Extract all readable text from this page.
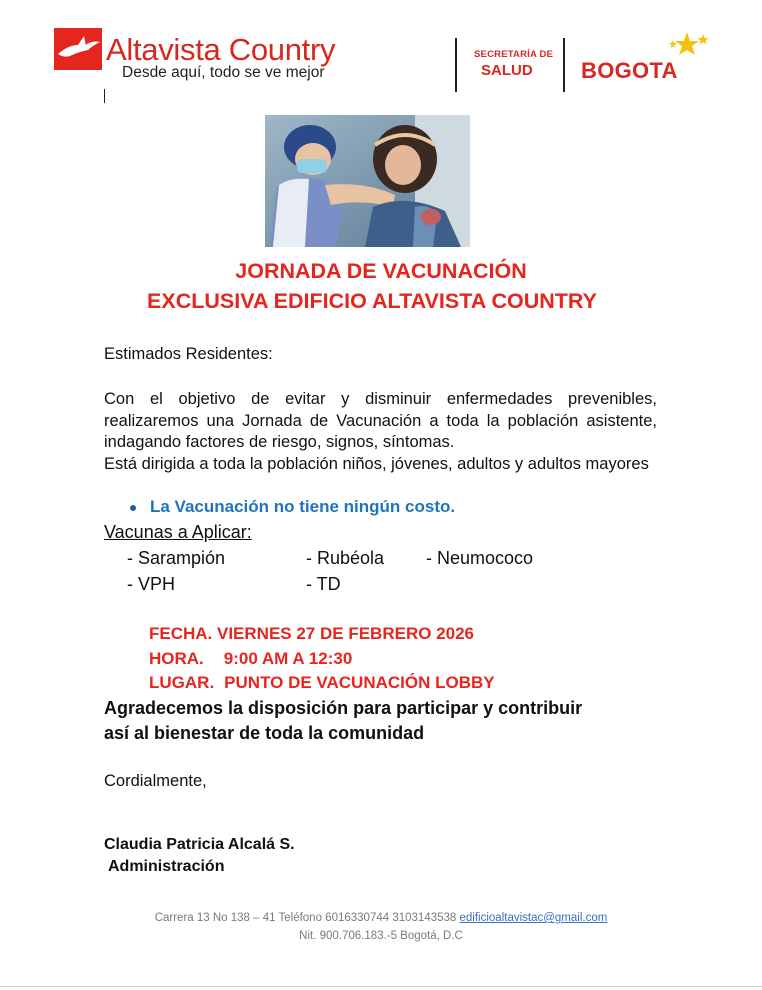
Altavista Country
Desde aquí, todo se ve mejor
SECRETARÍA DE
SALUD BOGOTA
JORNADA DE VACUNACIÓN
EXCLUSIVA EDIFICIO ALTAVISTA COUNTRY
Estimados Residentes:
Con el objetivo de evitar y disminuir enfermedades prevenibles, realizaremos una Jornada de Vacunación a toda la población asistente, indagando factores de riesgo, signos, síntomas.
Está dirigida a toda la población niños, jóvenes, adultos y adultos mayores
La Vacunación no tiene ningún costo.
Vacunas a Aplicar:
- Sarampión	- Rubéola - Neumococo
- VPH	- TD
FECHA. VIERNES 27 DE FEBRERO 2026
HORA. 9:00 AM A 12:30
LUGAR. PUNTO DE VACUNACIÓN LOBBY
Agradecemos la disposición para participar y contribuir
así al bienestar de toda la comunidad
Cordialmente,
Claudia Patricia Alcalá S.
Administración
Carrera 13 No 138 – 41 Teléfono 6016330744 3103143538 edificioaltavistac@gmail.com
Nit. 900.706.183.-5 Bogotá, D.C
